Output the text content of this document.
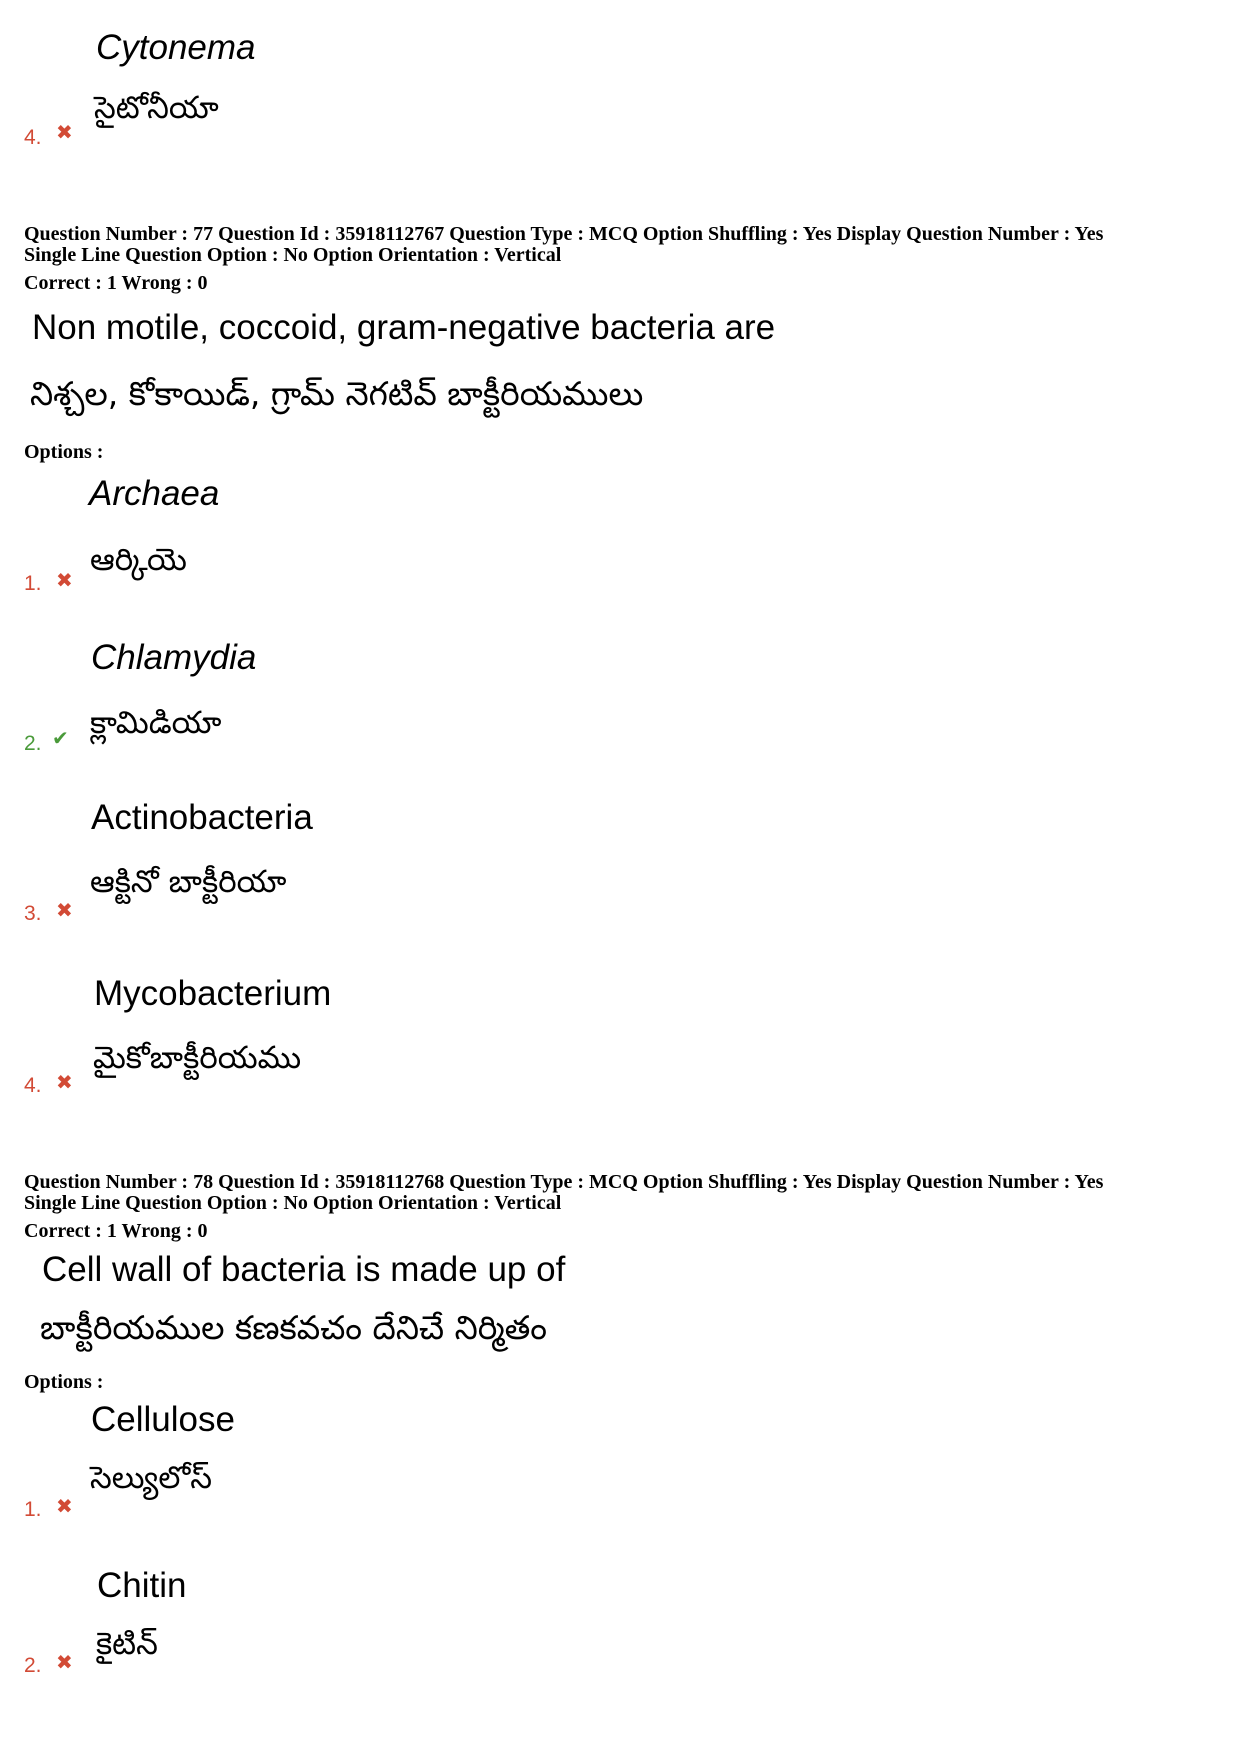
Cytonema
సైటోనీయా
4. ✖
Question Number : 77 Question Id : 35918112767 Question Type : MCQ Option Shuffling : Yes Display Question Number : Yes
Single Line Question Option : No Option Orientation : Vertical
Correct : 1 Wrong : 0
Non motile, coccoid, gram-negative bacteria are
నిశ్చల, కోకాయిడ్, గ్రామ్ నెగటివ్ బాక్టీరియములు
Options :
Archaea
ఆర్కియె
1. ✖
Chlamydia
క్లామిడియా
2. ✔
Actinobacteria
ఆక్టినో బాక్టీరియా
3. ✖
Mycobacterium
మైకోబాక్టీరియము
4. ✖
Question Number : 78 Question Id : 35918112768 Question Type : MCQ Option Shuffling : Yes Display Question Number : Yes
Single Line Question Option : No Option Orientation : Vertical
Correct : 1 Wrong : 0
Cell wall of bacteria is made up of
బాక్టీరియముల కణకవచం దేనిచే నిర్మితం
Options :
Cellulose
సెల్యులోస్
1. ✖
Chitin
కైటిన్
2. ✖
